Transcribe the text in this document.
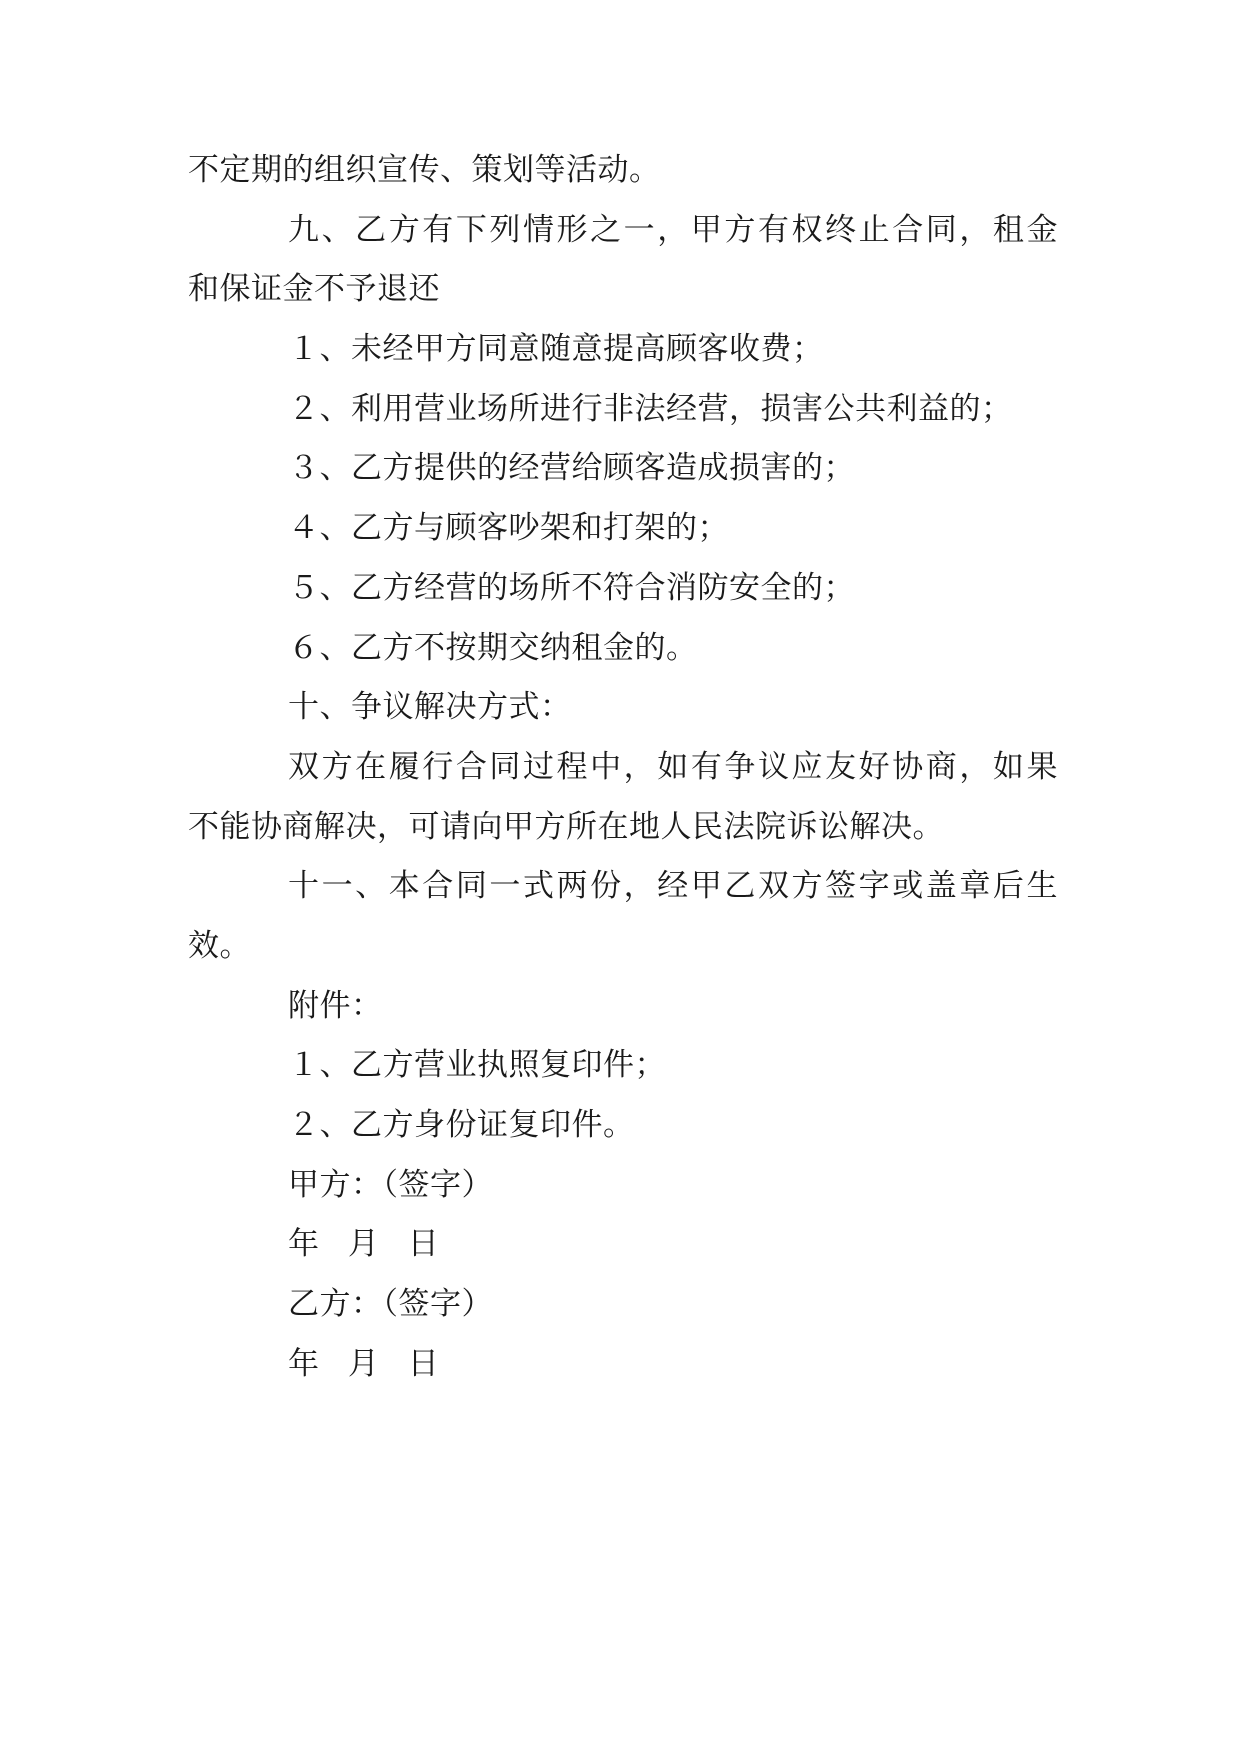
不定期的组织宣传、策划等活动。
九、乙方有下列情形之一，甲方有权终止合同，租金
和保证金不予退还
１、未经甲方同意随意提高顾客收费；
２、利用营业场所进行非法经营，损害公共利益的；
３、乙方提供的经营给顾客造成损害的；
４、乙方与顾客吵架和打架的；
５、乙方经营的场所不符合消防安全的；
６、乙方不按期交纳租金的。
十、争议解决方式：
双方在履行合同过程中，如有争议应友好协商，如果
不能协商解决，可请向甲方所在地人民法院诉讼解决。
十一、本合同一式两份，经甲乙双方签字或盖章后生
效。
附件：
１、乙方营业执照复印件；
２、乙方身份证复印件。
甲方：（签字）
年 月 日
乙方：（签字）
年 月 日
